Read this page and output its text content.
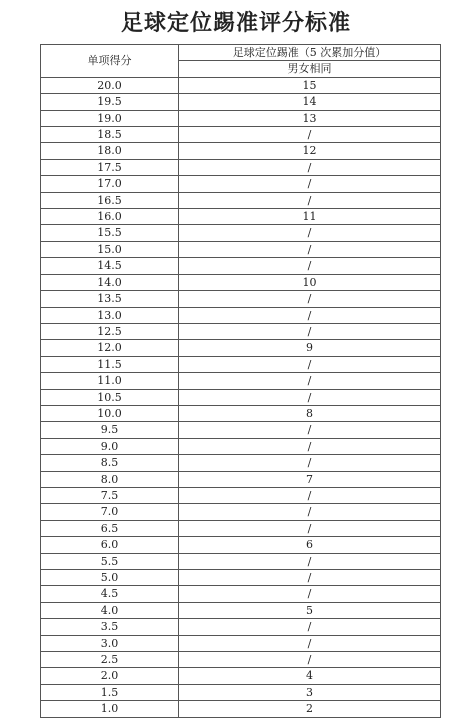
足球定位踢准评分标准
单项得分	足球定位踢准（5 次累加分值）
	男女相同
20.0	15
19.5	14
19.0	13
18.5	/
18.0	12
17.5	/
17.0	/
16.5	/
16.0	11
15.5	/
15.0	/
14.5	/
14.0	10
13.5	/
13.0	/
12.5	/
12.0	9
11.5	/
11.0	/
10.5	/
10.0	8
9.5	/
9.0	/
8.5	/
8.0	7
7.5	/
7.0	/
6.5	/
6.0	6
5.5	/
5.0	/
4.5	/
4.0	5
3.5	/
3.0	/
2.5	/
2.0	4
1.5	3
1.0	2
